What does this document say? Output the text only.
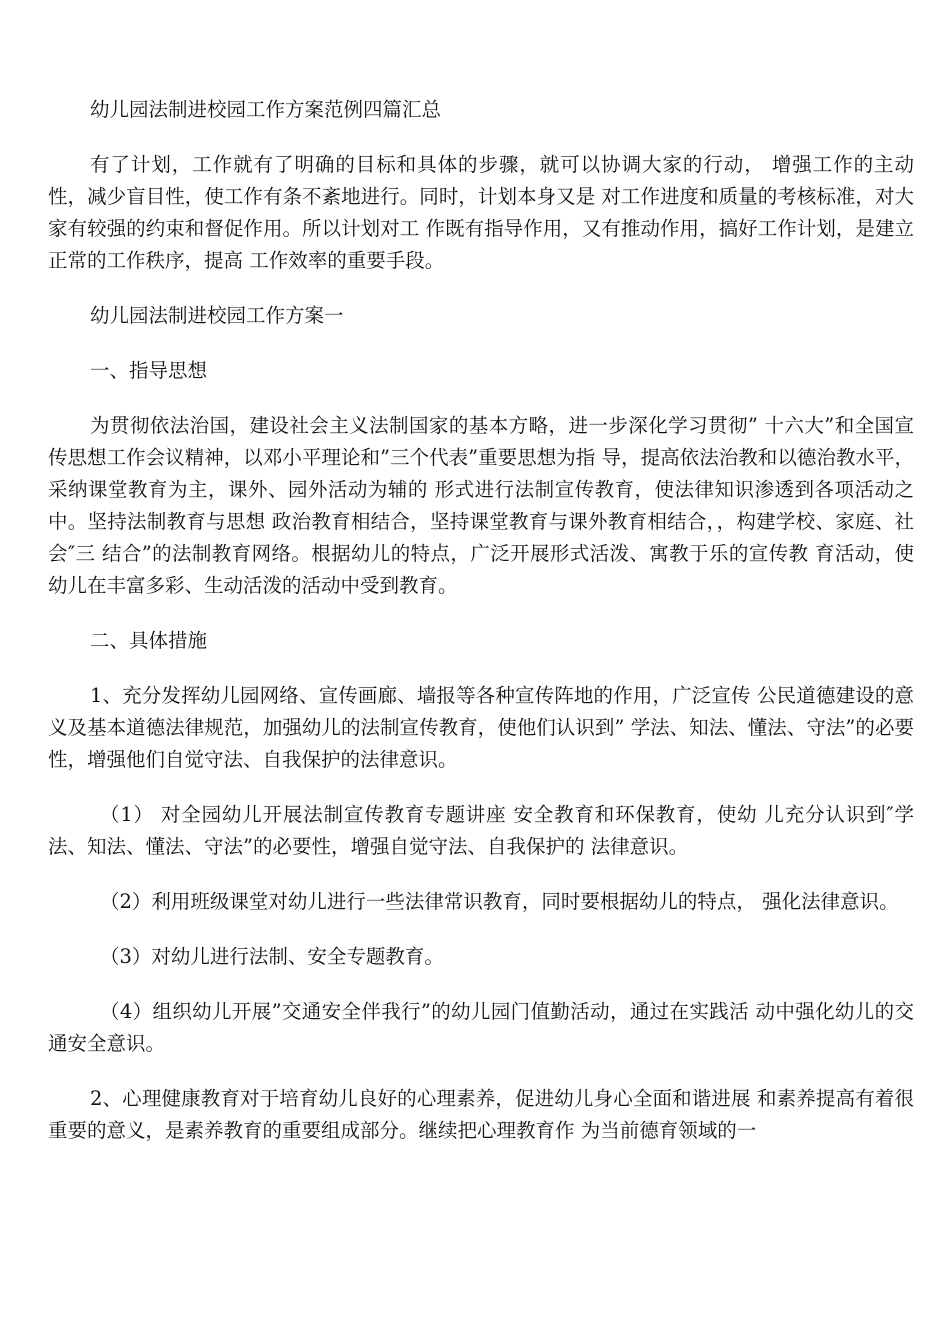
幼儿园法制进校园工作方案范例四篇汇总

有了计划，工作就有了明确的目标和具体的步骤，就可以协调大家的行动， 增强工作的主动性，减少盲目性，使工作有条不紊地进行。同时，计划本身又是 对工作进度和质量的考核标准，对大家有较强的约束和督促作用。所以计划对工 作既有指导作用，又有推动作用，搞好工作计划，是建立正常的工作秩序，提高 工作效率的重要手段。

幼儿园法制进校园工作方案一

一、指导思想

为贯彻依法治国，建设社会主义法制国家的基本方略，进一步深化学习贯彻” 十六大”和全国宣传思想工作会议精神，以邓小平理论和”三个代表”重要思想为指 导，提高依法治教和以德治教水平，采纳课堂教育为主，课外、园外活动为辅的 形式进行法制宣传教育，使法律知识渗透到各项活动之中。坚持法制教育与思想 政治教育相结合，坚持课堂教育与课外教育相结合，，构建学校、家庭、社会″三 结合”的法制教育网络。根据幼儿的特点，广泛开展形式活泼、寓教于乐的宣传教 育活动，使幼儿在丰富多彩、生动活泼的活动中受到教育。

二、具体措施

1、充分发挥幼儿园网络、宣传画廊、墙报等各种宣传阵地的作用，广泛宣传 公民道德建设的意义及基本道德法律规范，加强幼儿的法制宣传教育，使他们认识到” 学法、知法、懂法、守法”的必要性，增强他们自觉守法、自我保护的法律意识。

（1） 对全园幼儿开展法制宣传教育专题讲座 安全教育和环保教育，使幼 儿充分认识到″学法、知法、懂法、守法”的必要性，增强自觉守法、自我保护的 法律意识。

（2）利用班级课堂对幼儿进行一些法律常识教育，同时要根据幼儿的特点， 强化法律意识。

（3）对幼儿进行法制、安全专题教育。

（4）组织幼儿开展”交通安全伴我行”的幼儿园门值勤活动，通过在实践活 动中强化幼儿的交通安全意识。

2、心理健康教育对于培育幼儿良好的心理素养，促进幼儿身心全面和谐进展 和素养提高有着很重要的意义，是素养教育的重要组成部分。继续把心理教育作 为当前德育领域的一
